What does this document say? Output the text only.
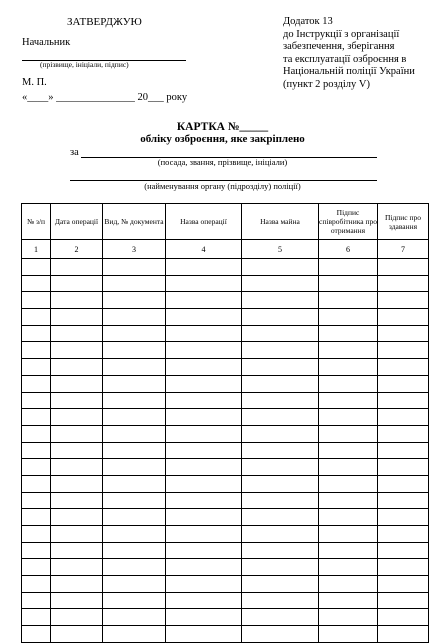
ЗАТВЕРДЖУЮ
Начальник
(прізвище, ініціали, підпис)
М. П.
«____» _______________ 20___ року
Додаток 13
до Інструкції з організації
забезпечення, зберігання
та експлуатації озброєння в
Національній поліції України
(пункт 2 розділу V)
КАРТКА №_____
обліку озброєння, яке закріплено
за
(посада, звання, прізвище, ініціали)
(найменування органу (підрозділу) поліції)
№ з/п	Дата операції	Вид, № документа	Назва операції	Назва майна	Підпис співробітника про отримання	Підпис про здавання
1	2	3	4	5	6	7
